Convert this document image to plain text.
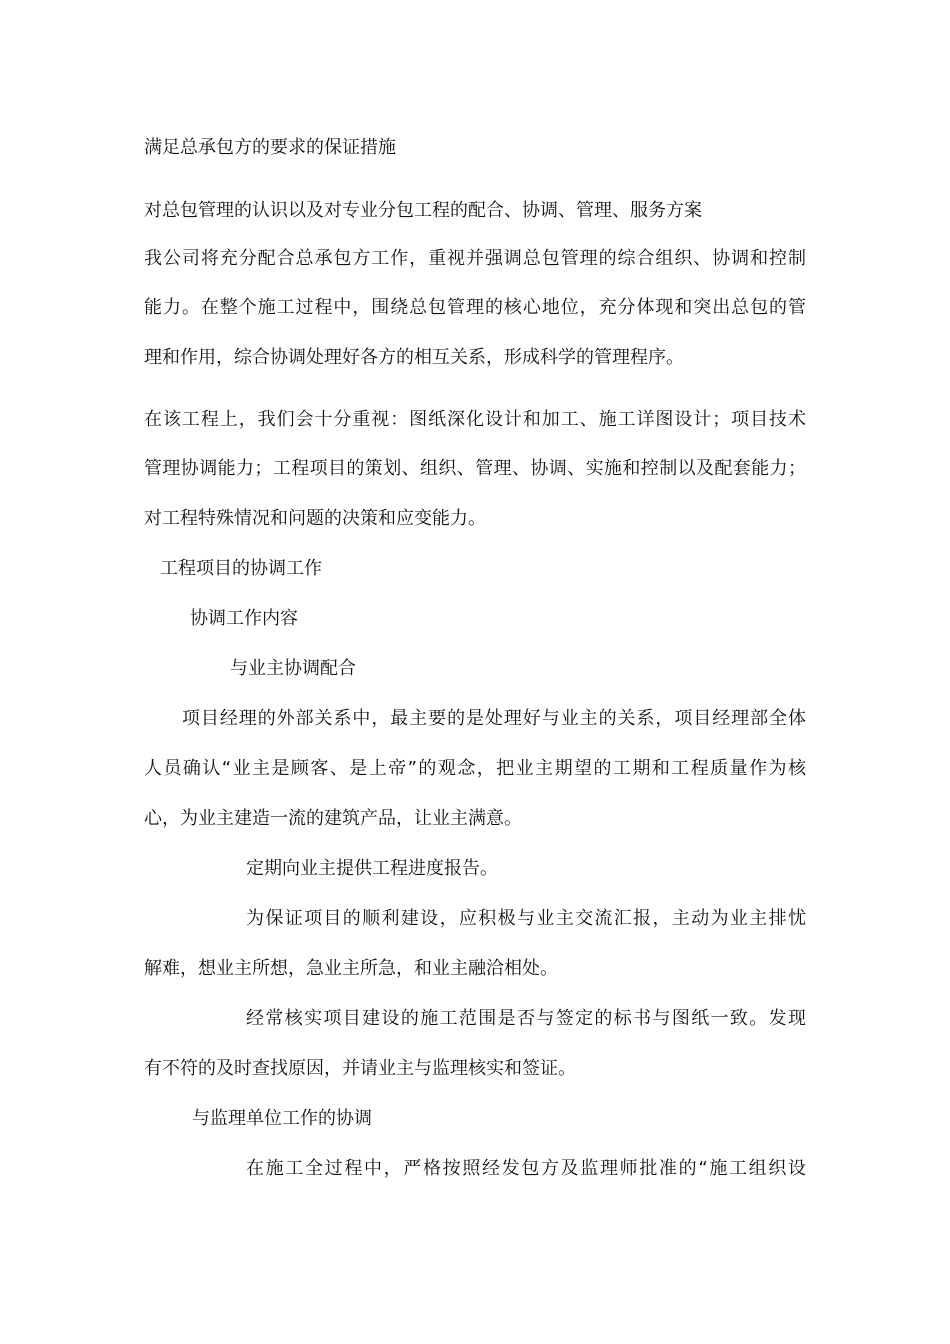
满足总承包方的要求的保证措施
对总包管理的认识以及对专业分包工程的配合、协调、管理、服务方案
我公司将充分配合总承包方工作，重视并强调总包管理的综合组织、协调和控制
能力。在整个施工过程中，围绕总包管理的核心地位，充分体现和突出总包的管
理和作用，综合协调处理好各方的相互关系，形成科学的管理程序。
在该工程上，我们会十分重视：图纸深化设计和加工、施工详图设计；项目技术
管理协调能力；工程项目的策划、组织、管理、协调、实施和控制以及配套能力；
对工程特殊情况和问题的决策和应变能力。
工程项目的协调工作
协调工作内容
与业主协调配合
项目经理的外部关系中，最主要的是处理好与业主的关系，项目经理部全体
人员确认“业主是顾客、是上帝”的观念，把业主期望的工期和工程质量作为核
心，为业主建造一流的建筑产品，让业主满意。
定期向业主提供工程进度报告。
为保证项目的顺利建设，应积极与业主交流汇报，主动为业主排忧
解难，想业主所想，急业主所急，和业主融洽相处。
经常核实项目建设的施工范围是否与签定的标书与图纸一致。发现
有不符的及时查找原因，并请业主与监理核实和签证。
与监理单位工作的协调
在施工全过程中，严格按照经发包方及监理师批准的“施工组织设
